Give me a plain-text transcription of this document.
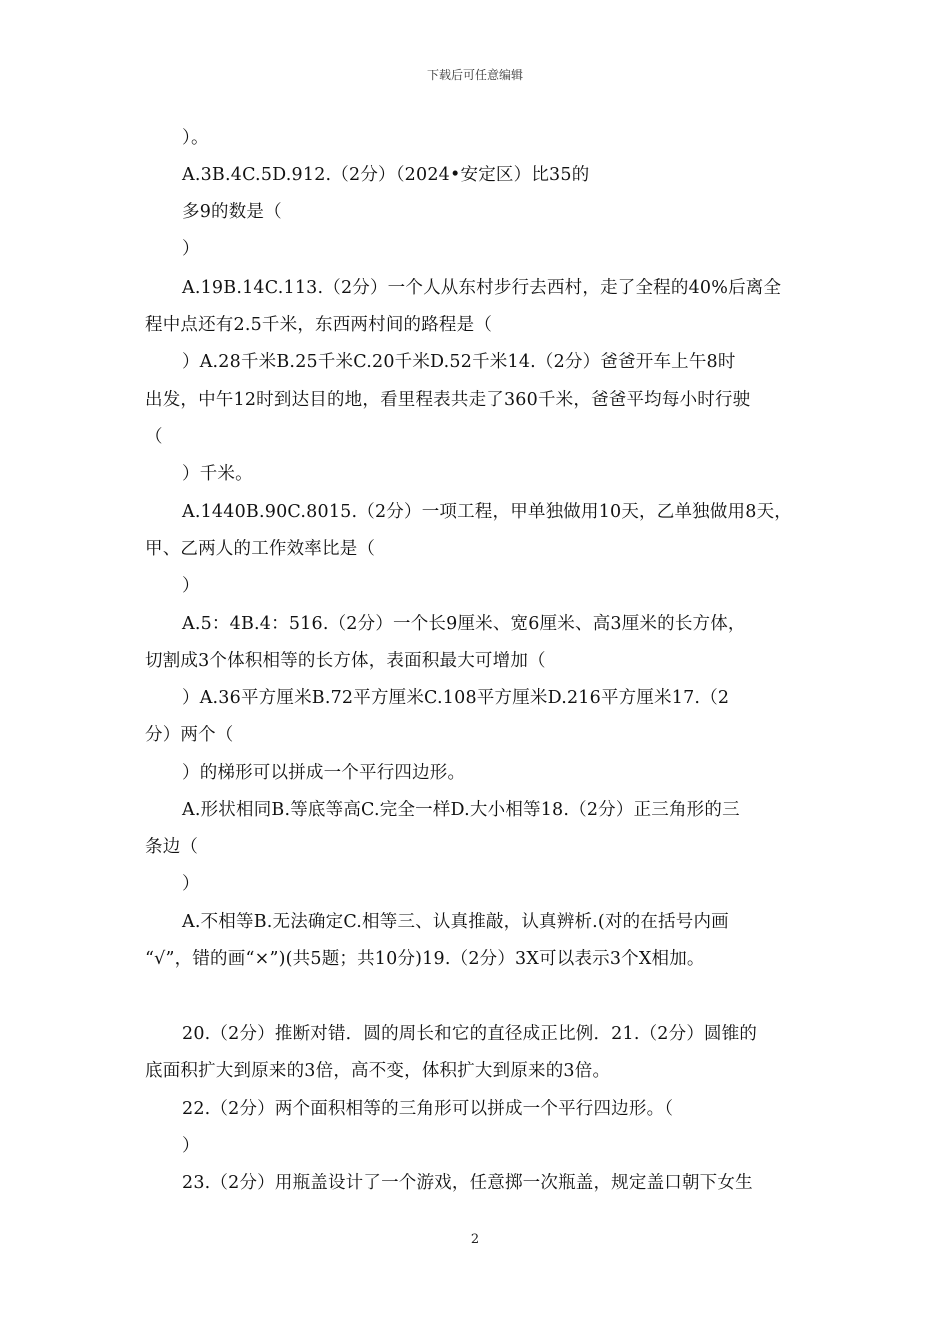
下载后可任意编辑
）。
A.3B.4C.5D.912.（2分）（2024•安定区）比35的
多9的数是（
）
A.19B.14C.113.（2分）一个人从东村步行去西村，走了全程的40%后离全
程中点还有2.5千米，东西两村间的路程是（
）A.28千米B.25千米C.20千米D.52千米14.（2分）爸爸开车上午8时
出发，中午12时到达目的地，看里程表共走了360千米，爸爸平均每小时行驶
（
）千米。
A.1440B.90C.8015.（2分）一项工程，甲单独做用10天，乙单独做用8天，
甲、乙两人的工作效率比是（
）
A.5：4B.4：516.（2分）一个长9厘米、宽6厘米、高3厘米的长方体，
切割成3个体积相等的长方体，表面积最大可增加（
）A.36平方厘米B.72平方厘米C.108平方厘米D.216平方厘米17.（2
分）两个（
）的梯形可以拼成一个平行四边形。
A.形状相同B.等底等高C.完全一样D.大小相等18.（2分）正三角形的三
条边（
）
A.不相等B.无法确定C.相等三、认真推敲，认真辨析.(对的在括号内画
“√”，错的画“×”)(共5题；共10分)19.（2分）3X可以表示3个X相加。
20.（2分）推断对错．圆的周长和它的直径成正比例．21.（2分）圆锥的
底面积扩大到原来的3倍，高不变，体积扩大到原来的3倍。
22.（2分）两个面积相等的三角形可以拼成一个平行四边形。（
）
23.（2分）用瓶盖设计了一个游戏，任意掷一次瓶盖，规定盖口朝下女生
2
